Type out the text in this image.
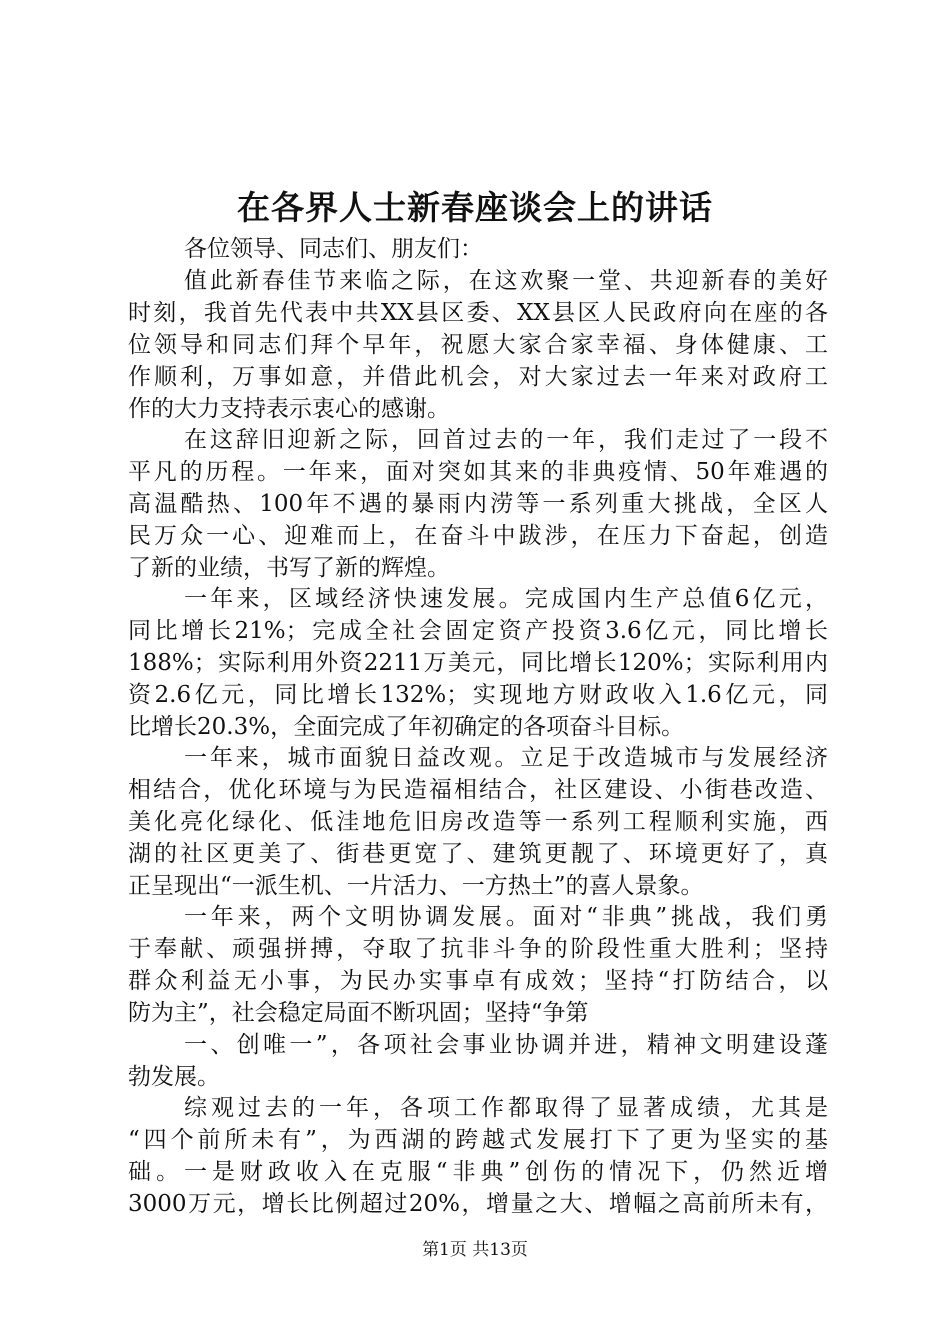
在各界人士新春座谈会上的讲话
各位领导、同志们、朋友们：
值此新春佳节来临之际，在这欢聚一堂、共迎新春的美好
时刻，我首先代表中共XX县区委、XX县区人民政府向在座的各
位领导和同志们拜个早年，祝愿大家合家幸福、身体健康、工
作顺利，万事如意，并借此机会，对大家过去一年来对政府工
作的大力支持表示衷心的感谢。
在这辞旧迎新之际，回首过去的一年，我们走过了一段不
平凡的历程。一年来，面对突如其来的非典疫情、50年难遇的
高温酷热、100年不遇的暴雨内涝等一系列重大挑战，全区人
民万众一心、迎难而上，在奋斗中跋涉，在压力下奋起，创造
了新的业绩，书写了新的辉煌。
一年来，区域经济快速发展。完成国内生产总值6亿元，
同比增长21%；完成全社会固定资产投资3.6亿元，同比增长
188%；实际利用外资2211万美元，同比增长120%；实际利用内
资2.6亿元，同比增长132%；实现地方财政收入1.6亿元，同
比增长20.3%，全面完成了年初确定的各项奋斗目标。
一年来，城市面貌日益改观。立足于改造城市与发展经济
相结合，优化环境与为民造福相结合，社区建设、小街巷改造、
美化亮化绿化、低洼地危旧房改造等一系列工程顺利实施，西
湖的社区更美了、街巷更宽了、建筑更靓了、环境更好了，真
正呈现出“一派生机、一片活力、一方热土”的喜人景象。
一年来，两个文明协调发展。面对“非典”挑战，我们勇
于奉献、顽强拼搏，夺取了抗非斗争的阶段性重大胜利；坚持
群众利益无小事，为民办实事卓有成效；坚持“打防结合，以
防为主”，社会稳定局面不断巩固；坚持“争第
一、创唯一”，各项社会事业协调并进，精神文明建设蓬
勃发展。
综观过去的一年，各项工作都取得了显著成绩，尤其是
“四个前所未有”，为西湖的跨越式发展打下了更为坚实的基
础。一是财政收入在克服“非典”创伤的情况下，仍然近增
3000万元，增长比例超过20%，增量之大、增幅之高前所未有，
第1页 共13页
